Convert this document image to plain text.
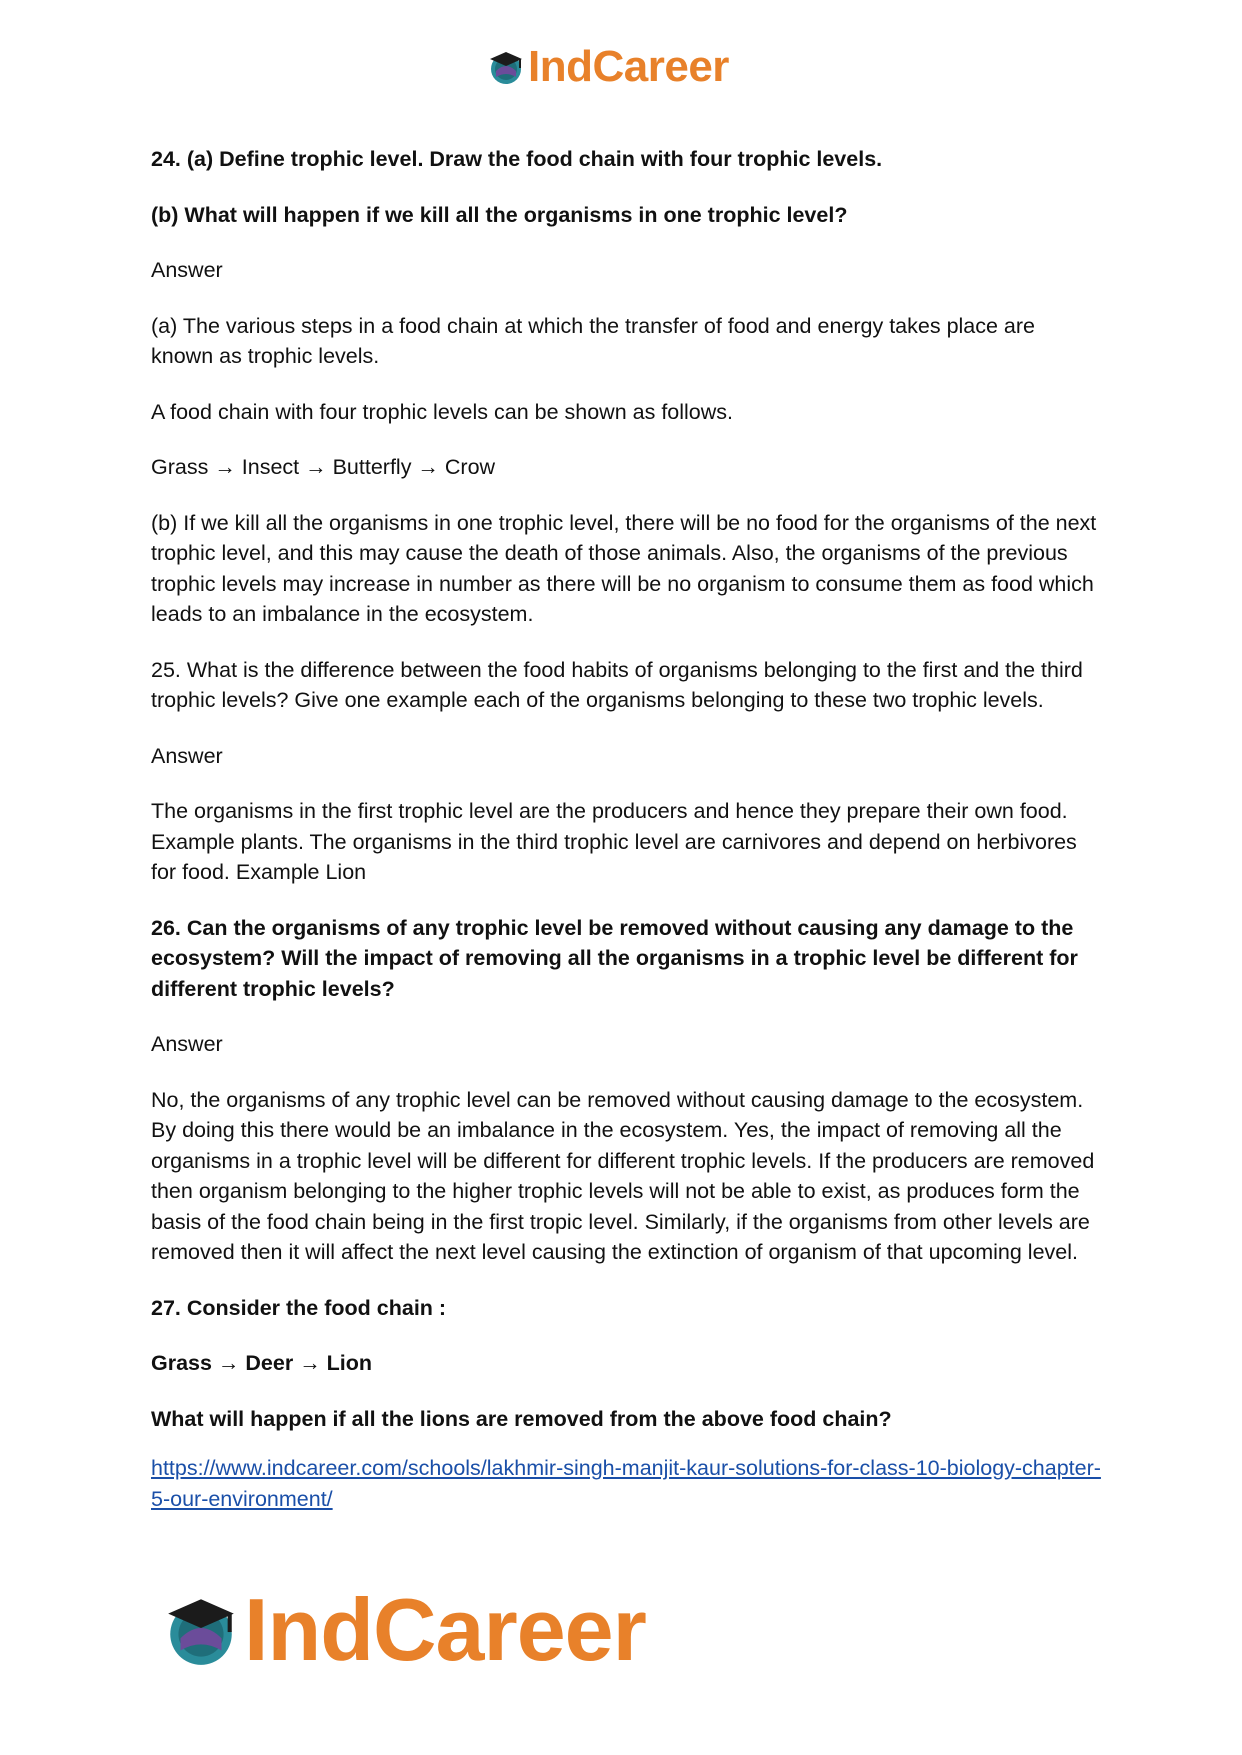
IndCareer

24. (a) Define trophic level. Draw the food chain with four trophic levels.

(b) What will happen if we kill all the organisms in one trophic level?

Answer

(a) The various steps in a food chain at which the transfer of food and energy takes place are known as trophic levels.

A food chain with four trophic levels can be shown as follows.

Grass → Insect → Butterfly → Crow

(b) If we kill all the organisms in one trophic level, there will be no food for the organisms of the next trophic level, and this may cause the death of those animals. Also, the organisms of the previous trophic levels may increase in number as there will be no organism to consume them as food which leads to an imbalance in the ecosystem.

25. What is the difference between the food habits of organisms belonging to the first and the third trophic levels? Give one example each of the organisms belonging to these two trophic levels.

Answer

The organisms in the first trophic level are the producers and hence they prepare their own food. Example plants. The organisms in the third trophic level are carnivores and depend on herbivores for food. Example Lion

26. Can the organisms of any trophic level be removed without causing any damage to the ecosystem? Will the impact of removing all the organisms in a trophic level be different for different trophic levels?

Answer

No, the organisms of any trophic level can be removed without causing damage to the ecosystem. By doing this there would be an imbalance in the ecosystem. Yes, the impact of removing all the organisms in a trophic level will be different for different trophic levels. If the producers are removed then organism belonging to the higher trophic levels will not be able to exist, as produces form the basis of the food chain being in the first tropic level. Similarly, if the organisms from other levels are removed then it will affect the next level causing the extinction of organism of that upcoming level.

27. Consider the food chain :

Grass → Deer → Lion

What will happen if all the lions are removed from the above food chain?

https://www.indcareer.com/schools/lakhmir-singh-manjit-kaur-solutions-for-class-10-biology-chapter-5-our-environment/

IndCareer
